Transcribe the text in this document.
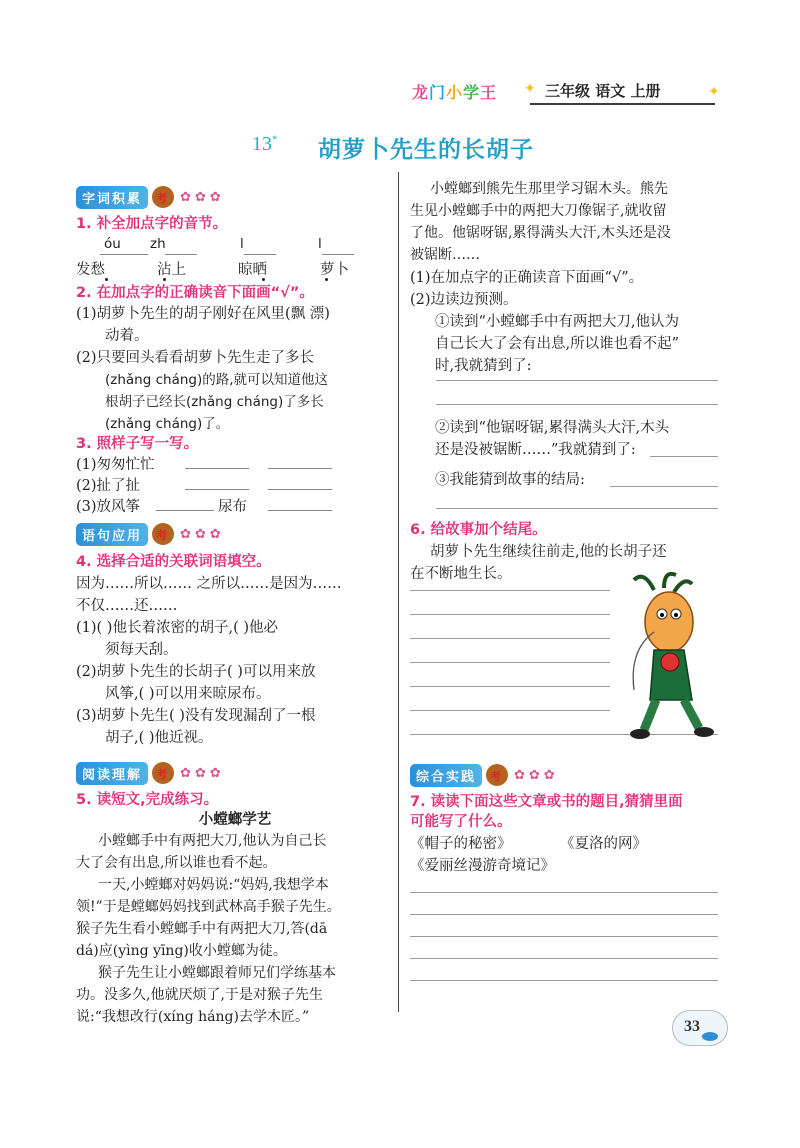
龙门小学王 ✦ 三年级 语文 上册	✦
13* 胡萝卜先生的长胡子
字词积累	考 ✿✿✿
1. 补全加点字的音节。
óu zh	l	l
发愁	沾上	晾晒	萝卜
2. 在加点字的正确读音下面画“√”。
(1)胡萝卜先生的胡子刚好在风里(飘 漂)
动着。
(2)只要回头看看胡萝卜先生走了多长
(zhǎng cháng)的路,就可以知道他这
根胡子已经长(zhǎng cháng)了多长
(zhǎng cháng)了。
3. 照样子写一写。
(1)匆匆忙忙
(2)扯了扯
(3)放风筝	尿布
语句应用	考 ✿✿✿
4. 选择合适的关联词语填空。
因为……所以…… 之所以……是因为……
不仅……还……
(1)( )他长着浓密的胡子,( )他必
须每天刮。
(2)胡萝卜先生的长胡子( )可以用来放
风筝,( )可以用来晾尿布。
(3)胡萝卜先生( )没有发现漏刮了一根
胡子,( )他近视。
阅读理解	考 ✿✿✿
5. 读短文,完成练习。
小螳螂学艺
小螳螂手中有两把大刀,他认为自己长
大了会有出息,所以谁也看不起。
一天,小螳螂对妈妈说:“妈妈,我想学本
领!”于是螳螂妈妈找到武林高手猴子先生。
猴子先生看小螳螂手中有两把大刀,答(dā
dá)应(yìng yīng)收小螳螂为徒。
猴子先生让小螳螂跟着师兄们学练基本
功。没多久,他就厌烦了,于是对猴子先生
说:“我想改行(xíng háng)去学木匠。”
小螳螂到熊先生那里学习锯木头。熊先
生见小螳螂手中的两把大刀像锯子,就收留
了他。他锯呀锯,累得满头大汗,木头还是没
被锯断……
(1)在加点字的正确读音下面画“√”。
(2)边读边预测。
①读到“小螳螂手中有两把大刀,他认为
自己长大了会有出息,所以谁也看不起”
时,我就猜到了:
②读到“他锯呀锯,累得满头大汗,木头
还是没被锯断……”我就猜到了:
③我能猜到故事的结局:
6. 给故事加个结尾。
胡萝卜先生继续往前走,他的长胡子还
在不断地生长。
综合实践	考 ✿✿✿
7. 读读下面这些文章或书的题目,猜猜里面
可能写了什么。
《帽子的秘密》	《夏洛的网》
《爱丽丝漫游奇境记》
33
